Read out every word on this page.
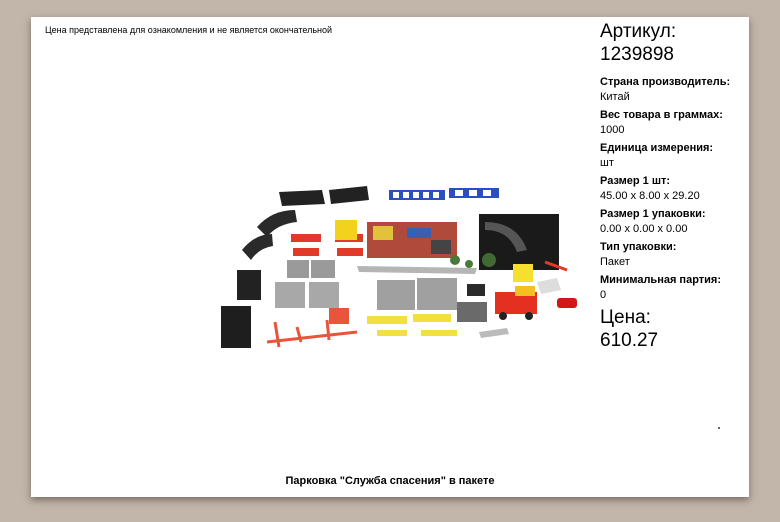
Цена представлена для ознакомления и не является окончательной	Артикул:
1239898
Страна производитель:
Китай
Вес товара в граммах:
1000
Единица измерения:
шт
Размер 1 шт:
45.00 x 8.00 x 29.20
Размер 1 упаковки:
0.00 x 0.00 x 0.00
Тип упаковки:
Пакет
Минимальная партия:
0
Цена:
610.27
Парковка "Служба спасения" в пакете
